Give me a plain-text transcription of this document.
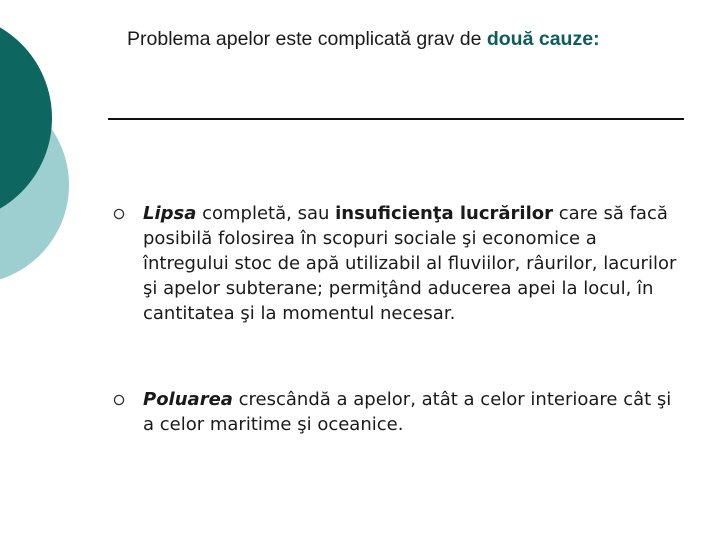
Problema apelor este complicată grav de două cauze:
Lipsa completă, sau insuficienţa lucrărilor care să facă posibilă folosirea în scopuri sociale şi economice a întregului stoc de apă utilizabil al fluviilor, râurilor, lacurilor şi apelor subterane; permiţând aducerea apei la locul, în cantitatea şi la momentul necesar.
Poluarea crescândă a apelor, atât a celor interioare cât şi a celor maritime şi oceanice.
